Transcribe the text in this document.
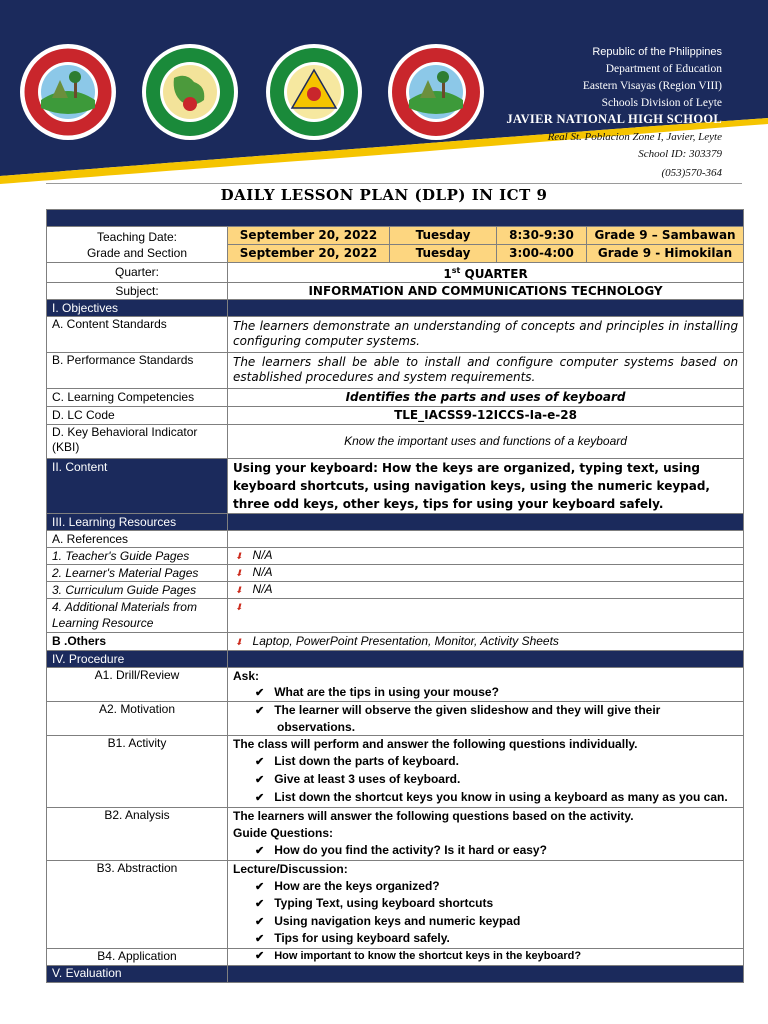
Republic of the Philippines
Department of Education
Eastern Visayas (Region VIII)
Schools Division of Leyte
JAVIER NATIONAL HIGH SCHOOL
Real St. Poblacion Zone I, Javier, Leyte
School ID: 303379
(053)570-364
DAILY LESSON PLAN (DLP) IN ICT 9

Teaching Date:
Grade and Section	September 20, 2022	Tuesday	8:30-9:30	Grade 9 – Sambawan
	September 20, 2022	Tuesday	3:00-4:00	Grade 9 - Himokilan
Quarter:	1st QUARTER			
Subject:	INFORMATION AND COMMUNICATIONS TECHNOLOGY			
I. Objectives				
A. Content Standards	The learners demonstrate an understanding of concepts and principles in installing configuring computer systems.			
B. Performance Standards	The learners shall be able to install and configure computer systems based on established procedures and system requirements.			
C. Learning Competencies	Identifies the parts and uses of keyboard			
D. LC Code	TLE_IACSS9-12ICCS-Ia-e-28			
D. Key Behavioral Indicator (KBI)	Know the important uses and functions of a keyboard			
II. Content	Using your keyboard: How the keys are organized, typing text, using keyboard shortcuts, using navigation keys, using the numeric keypad, three odd keys, other keys, tips for using your keyboard safely.			
III. Learning Resources				
A. References				
1. Teacher's Guide Pages	⬇N/A
2. Learner's Material Pages	⬇N/A
3. Curriculum Guide Pages	⬇N/A
4. Additional Materials from Learning Resource	⬇
B .Others	⬇Laptop, PowerPoint Presentation, Monitor, Activity Sheets
IV. Procedure				
A1. Drill/Review	Ask:
✔ What are the tips in using your mouse?

A2. Motivation	
✔The learner will observe the given slideshow and they will give their observations.

B1. Activity	The class will perform and answer the following questions individually.
✔ List down the parts of keyboard.
✔ Give at least 3 uses of keyboard.
✔ List down the shortcut keys you know in using a keyboard as many as you can.

B2. Analysis	The learners will answer the following questions based on the activity.
Guide Questions:
✔ How do you find the activity? Is it hard or easy?

B3. Abstraction	Lecture/Discussion:
✔ How are the keys organized?
✔ Typing Text, using keyboard shortcuts
✔ Using navigation keys and numeric keypad
✔ Tips for using keyboard safely.

B4. Application	✔ How important to know the shortcut keys in the keyboard?

V. Evaluation				
